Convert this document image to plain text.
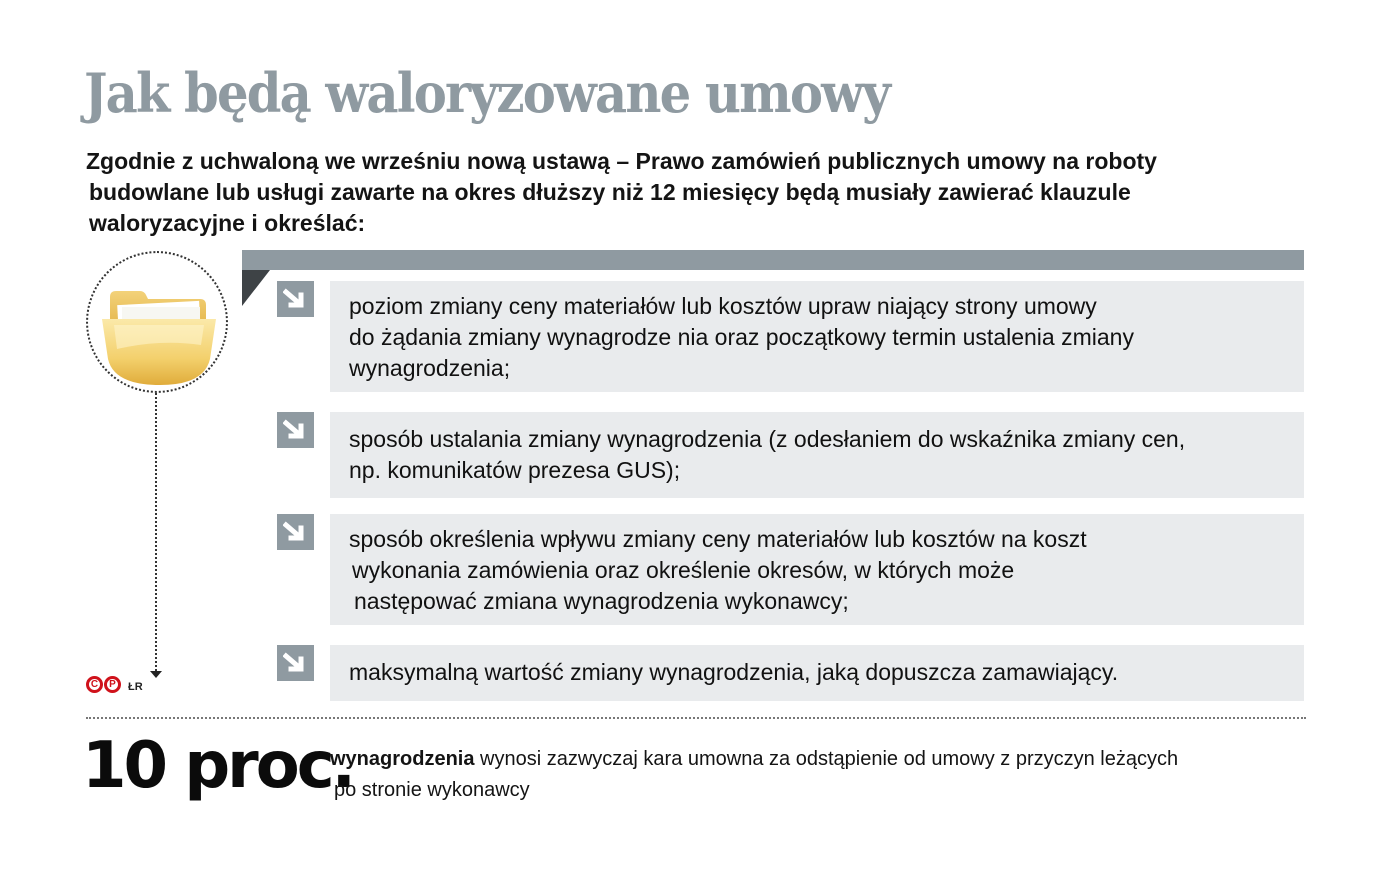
Jak będą waloryzowane umowy
Zgodnie z uchwaloną we wrześniu nową ustawą – Prawo zamówień publicznych umowy na roboty
budowlane lub usługi zawarte na okres dłuższy niż 12 miesięcy będą musiały zawierać klauzule
waloryzacyjne i określać:
C	P	ŁR
poziom zmiany ceny materiałów lub kosztów upraw niający strony umowy
do żądania zmiany wynagrodze nia oraz początkowy termin ustalenia zmiany
wynagrodzenia;
sposób ustalania zmiany wynagrodzenia (z odesłaniem do wskaźnika zmiany cen,
np. komunikatów prezesa GUS);
sposób określenia wpływu zmiany ceny materiałów lub kosztów na koszt
wykonania zamówienia oraz określenie okresów, w których może
następować zmiana wynagrodzenia wykonawcy;
maksymalną wartość zmiany wynagrodzenia, jaką dopuszcza zamawiający.
10 proc.
wynagrodzenia wynosi zazwyczaj kara umowna za odstąpienie od umowy z przyczyn leżących
po stronie wykonawcy
